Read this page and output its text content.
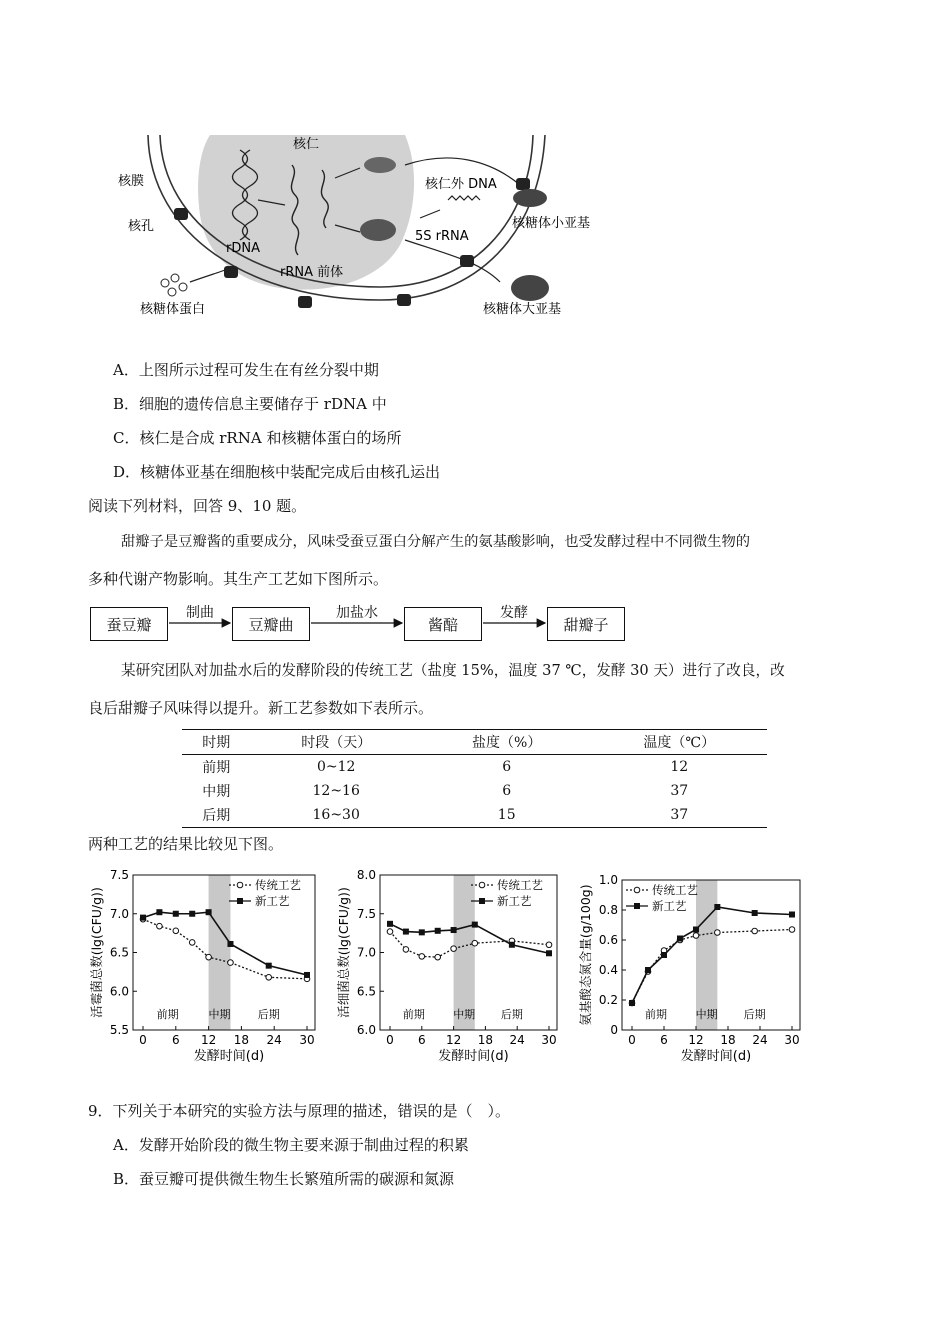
核仁
核膜
核孔
rDNA
rRNA 前体
核仁外 DNA
5S rRNA
核糖体蛋白
核糖体小亚基
核糖体大亚基
A．上图所示过程可发生在有丝分裂中期
B．细胞的遗传信息主要储存于 rDNA 中
C．核仁是合成 rRNA 和核糖体蛋白的场所
D．核糖体亚基在细胞核中装配完成后由核孔运出
阅读下列材料，回答 9、10 题。
甜瓣子是豆瓣酱的重要成分，风味受蚕豆蛋白分解产生的氨基酸影响，也受发酵过程中不同微生物的
多种代谢产物影响。其生产工艺如下图所示。
蚕豆瓣	豆瓣曲	酱醅	甜瓣子
制曲	加盐水	发酵
某研究团队对加盐水后的发酵阶段的传统工艺（盐度 15%，温度 37 ℃，发酵 30 天）进行了改良，改
良后甜瓣子风味得以提升。新工艺参数如下表所示。
时期	时段（天）	盐度（%）	温度（℃）
前期	0~12	6	12
中期	12~16	6	37
后期	16~30	15	37
两种工艺的结果比较见下图。
5.5
6.0
6.5
7.0
7.5
0 6 12 18 24 30
前期	中期 后期
发酵时间(d)
活霉菌总数(lg(CFU/g))
传统工艺
新工艺
6.0
6.5
7.0
7.5
8.0
0 6 12 18 24 30
前期	中期 后期
发酵时间(d)
活细菌总数(lg(CFU/g))
传统工艺
新工艺
0
0.2
0.4
0.6
0.8
1.0
0 6 12 18 24 30
前期	中期 后期
发酵时间(d)
氨基酸态氮含量(g/100g)	传统工艺
新工艺
9．下列关于本研究的实验方法与原理的描述，错误的是（　）。
A．发酵开始阶段的微生物主要来源于制曲过程的积累
B．蚕豆瓣可提供微生物生长繁殖所需的碳源和氮源
